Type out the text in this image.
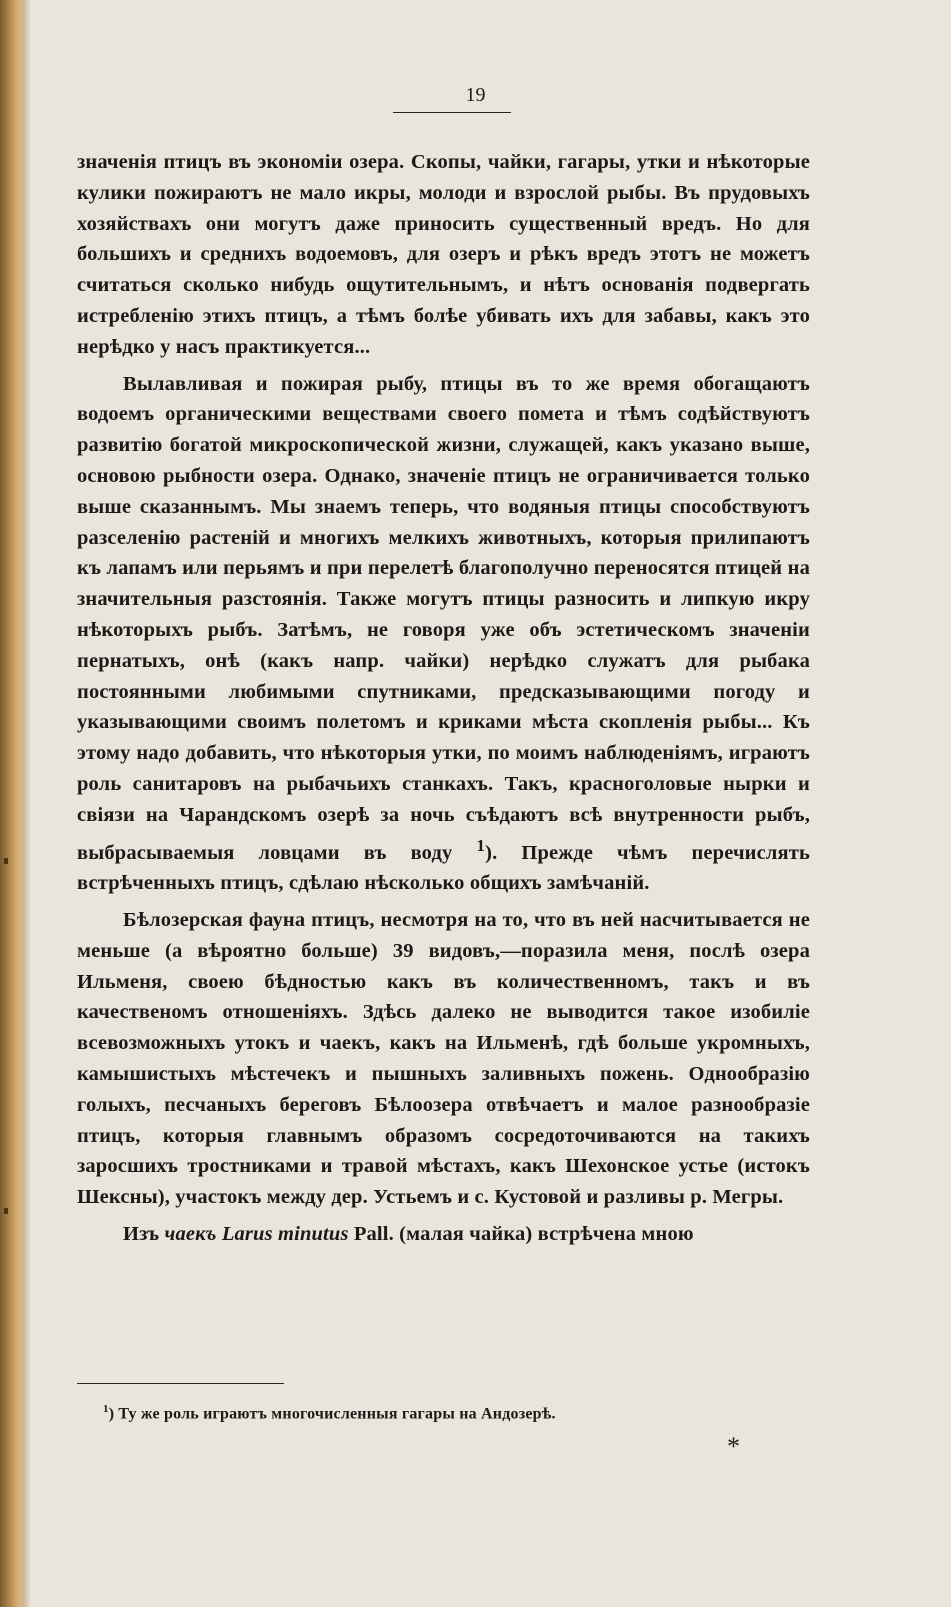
19

значенія птицъ въ экономіи озера. Скопы, чайки, гагары, утки и нѣкоторые кулики пожираютъ не мало икры, молоди и взрослой рыбы. Въ прудовыхъ хозяйствахъ они могутъ даже приносить существенный вредъ. Но для большихъ и среднихъ водоемовъ, для озеръ и рѣкъ вредъ этотъ не можетъ считаться сколько нибудь ощутительнымъ, и нѣтъ основанія подвергать истребленію этихъ птицъ, а тѣмъ болѣе убивать ихъ для забавы, какъ это нерѣдко у насъ практикуется...

Вылавливая и пожирая рыбу, птицы въ то же время обогащаютъ водоемъ органическими веществами своего помета и тѣмъ содѣйствуютъ развитію богатой микроскопической жизни, служащей, какъ указано выше, основою рыбности озера. Однако, значеніе птицъ не ограничивается только выше сказаннымъ. Мы знаемъ теперь, что водяныя птицы способствуютъ разселенію растеній и многихъ мелкихъ животныхъ, которыя прилипаютъ къ лапамъ или перьямъ и при перелетѣ благополучно переносятся птицей на значительныя разстоянія. Также могутъ птицы разносить и липкую икру нѣкоторыхъ рыбъ. Затѣмъ, не говоря уже объ эстетическомъ значеніи пернатыхъ, онѣ (какъ напр. чайки) нерѣдко служатъ для рыбака постоянными любимыми спутниками, предсказывающими погоду и указывающими своимъ полетомъ и криками мѣста скопленія рыбы... Къ этому надо добавить, что нѣкоторыя утки, по моимъ наблюденіямъ, играютъ роль санитаровъ на рыбачьихъ станкахъ. Такъ, красноголовые нырки и свіязи на Чарандскомъ озерѣ за ночь съѣдаютъ всѣ внутренности рыбъ, выбрасываемыя ловцами въ воду $^1$). Прежде чѣмъ перечислять встрѣченныхъ птицъ, сдѣлаю нѣсколько общихъ замѣчаній.

Бѣлозерская фауна птицъ, несмотря на то, что въ ней насчитывается не меньше (а вѣроятно больше) 39 видовъ,—поразила меня, послѣ озера Ильменя, своею бѣдностью какъ въ количественномъ, такъ и въ качественомъ отношеніяхъ. Здѣсь далеко не выводится такое изобиліе всевозможныхъ утокъ и чаекъ, какъ на Ильменѣ, гдѣ больше укромныхъ, камышистыхъ мѣстечекъ и пышныхъ заливныхъ пожень. Однообразію голыхъ, песчаныхъ береговъ Бѣлоозера отвѣчаетъ и малое разнообразіе птицъ, которыя главнымъ образомъ сосредоточиваются на такихъ заросшихъ тростниками и травой мѣстахъ, какъ Шехонское устье (истокъ Шексны), участокъ между дер. Устьемъ и с. Кустовой и разливы р. Мегры.

Изъ чаекъ Larus minutus Pall. (малая чайка) встрѣчена мною

$^1$) Ту же роль играютъ многочисленныя гагары на Андозерѣ.
*
